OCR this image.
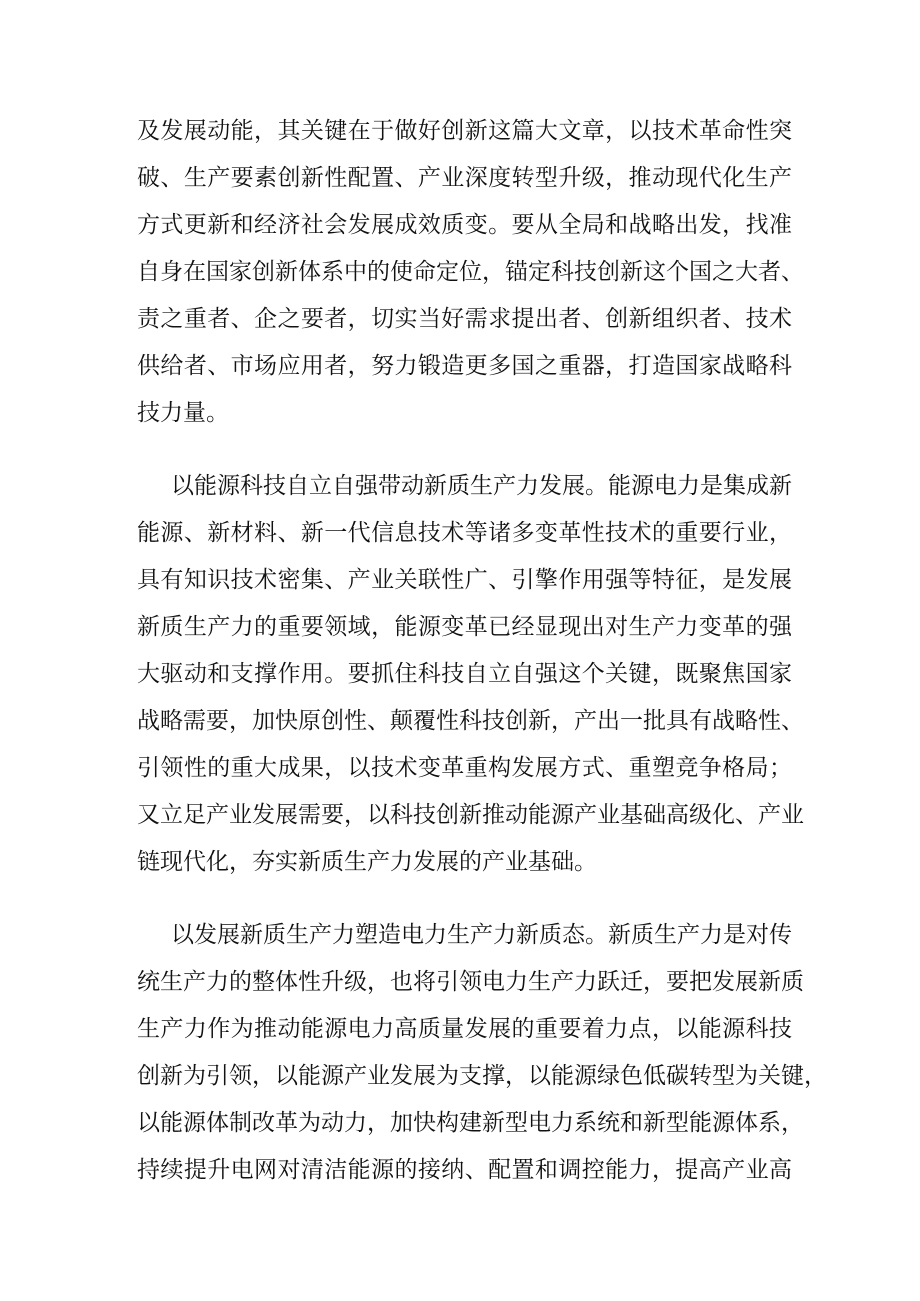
及发展动能，其关键在于做好创新这篇大文章，以技术革命性突
破、生产要素创新性配置、产业深度转型升级，推动现代化生产
方式更新和经济社会发展成效质变。要从全局和战略出发，找准
自身在国家创新体系中的使命定位，锚定科技创新这个国之大者、
责之重者、企之要者，切实当好需求提出者、创新组织者、技术
供给者、市场应用者，努力锻造更多国之重器，打造国家战略科
技力量。
以能源科技自立自强带动新质生产力发展。能源电力是集成新
能源、新材料、新一代信息技术等诸多变革性技术的重要行业，
具有知识技术密集、产业关联性广、引擎作用强等特征，是发展
新质生产力的重要领域，能源变革已经显现出对生产力变革的强
大驱动和支撑作用。要抓住科技自立自强这个关键，既聚焦国家
战略需要，加快原创性、颠覆性科技创新，产出一批具有战略性、
引领性的重大成果，以技术变革重构发展方式、重塑竞争格局；
又立足产业发展需要，以科技创新推动能源产业基础高级化、产业
链现代化，夯实新质生产力发展的产业基础。
以发展新质生产力塑造电力生产力新质态。新质生产力是对传
统生产力的整体性升级，也将引领电力生产力跃迁，要把发展新质
生产力作为推动能源电力高质量发展的重要着力点，以能源科技
创新为引领，以能源产业发展为支撑，以能源绿色低碳转型为关键，
以能源体制改革为动力，加快构建新型电力系统和新型能源体系，
持续提升电网对清洁能源的接纳、配置和调控能力，提高产业高
